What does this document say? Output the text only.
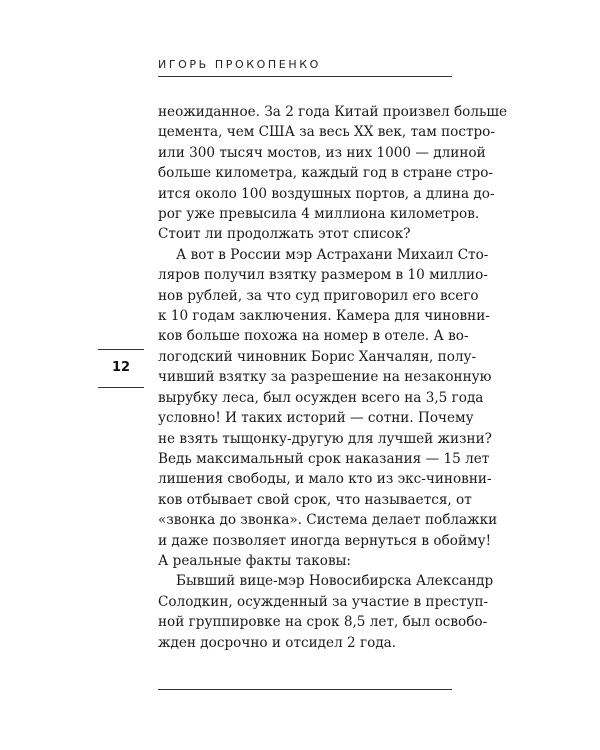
ИГОРЬ ПРОКОПЕНКО
12
неожиданное. За 2 года Китай произвел больше
цемента, чем США за весь XX век, там постро-
или 300 тысяч мостов, из них 1000 — длиной
больше километра, каждый год в стране стро-
ится около 100 воздушных портов, а длина до-
рог уже превысила 4 миллиона километров.
Стоит ли продолжать этот список?
А вот в России мэр Астрахани Михаил Сто-
ляров получил взятку размером в 10 миллио-
нов рублей, за что суд приговорил его всего
к 10 годам заключения. Камера для чиновни-
ков больше похожа на номер в отеле. А во-
логодский чиновник Борис Ханчалян, полу-
чивший взятку за разрешение на незаконную
вырубку леса, был осужден всего на 3,5 года
условно! И таких историй — сотни. Почему
не взять тыщонку-другую для лучшей жизни?
Ведь максимальный срок наказания — 15 лет
лишения свободы, и мало кто из экс-чиновни-
ков отбывает свой срок, что называется, от
«звонка до звонка». Система делает поблажки
и даже позволяет иногда вернуться в обойму!
А реальные факты таковы:
Бывший вице-мэр Новосибирска Александр
Солодкин, осужденный за участие в преступ-
ной группировке на срок 8,5 лет, был освобо-
жден досрочно и отсидел 2 года.
